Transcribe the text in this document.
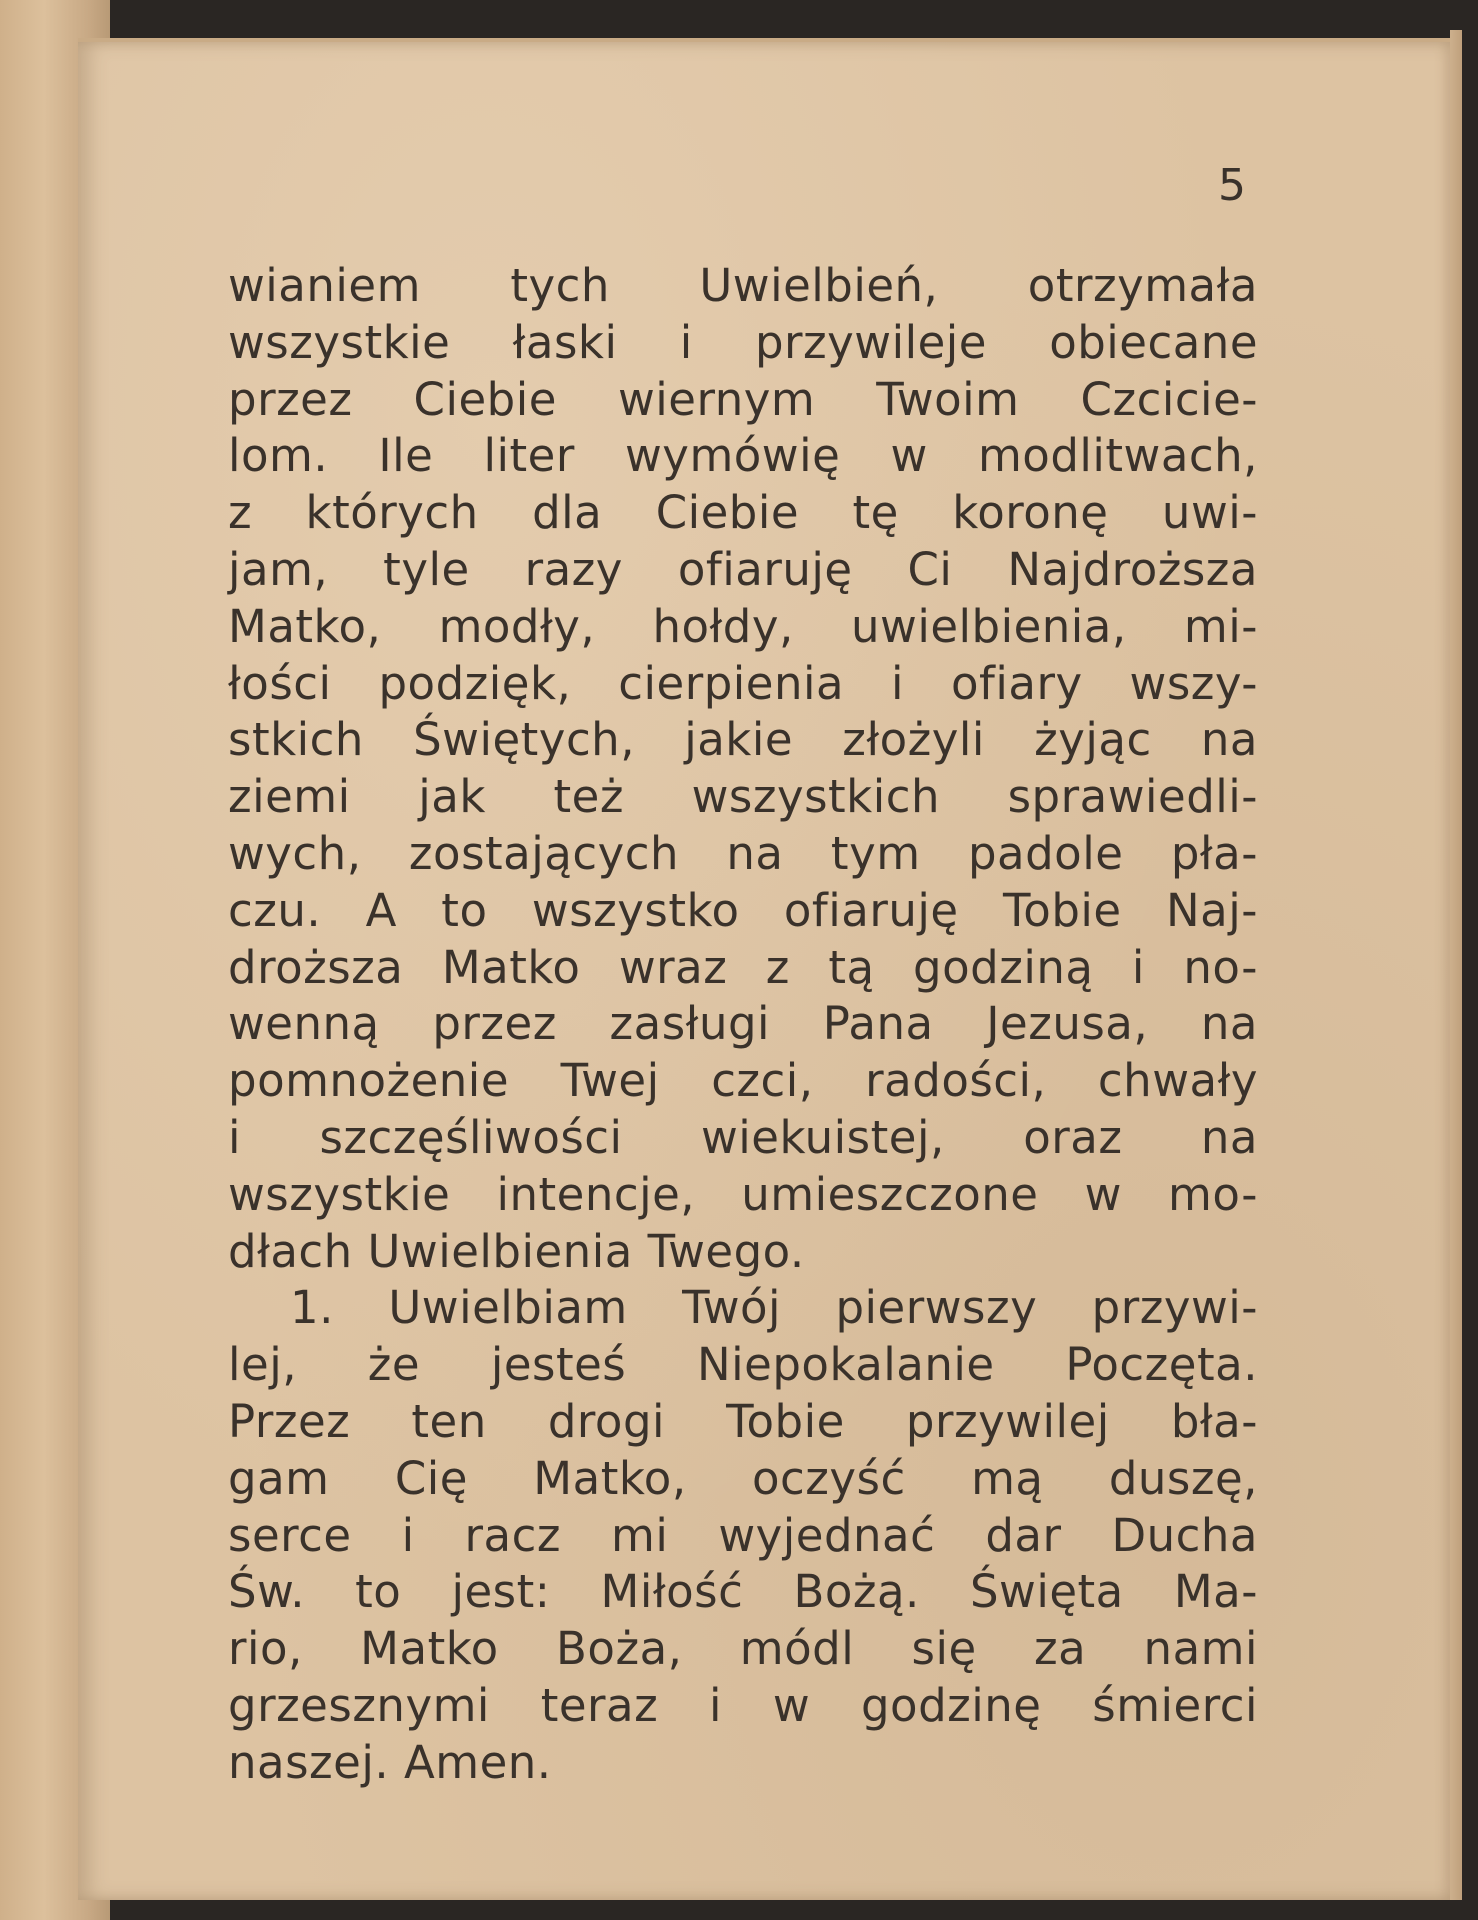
5
wianiem tych Uwielbień, otrzymała
wszystkie łaski i przywileje obiecane
przez Ciebie wiernym Twoim Czcicie-
lom. Ile liter wymówię w modlitwach,
z których dla Ciebie tę koronę uwi-
jam, tyle razy ofiaruję Ci Najdroższa
Matko, modły, hołdy, uwielbienia, mi-
łości podzięk, cierpienia i ofiary wszy-
stkich Świętych, jakie złożyli żyjąc na
ziemi jak też wszystkich sprawiedli-
wych, zostających na tym padole pła-
czu. A to wszystko ofiaruję Tobie Naj-
droższa Matko wraz z tą godziną i no-
wenną przez zasługi Pana Jezusa, na
pomnożenie Twej czci, radości, chwały
i szczęśliwości wiekuistej, oraz na
wszystkie intencje, umieszczone w mo-
dłach Uwielbienia Twego.
1. Uwielbiam Twój pierwszy przywi-
lej, że jesteś Niepokalanie Poczęta.
Przez ten drogi Tobie przywilej bła-
gam Cię Matko, oczyść mą duszę,
serce i racz mi wyjednać dar Ducha
Św. to jest: Miłość Bożą. Święta Ma-
rio, Matko Boża, módl się za nami
grzesznymi teraz i w godzinę śmierci
naszej. Amen.
